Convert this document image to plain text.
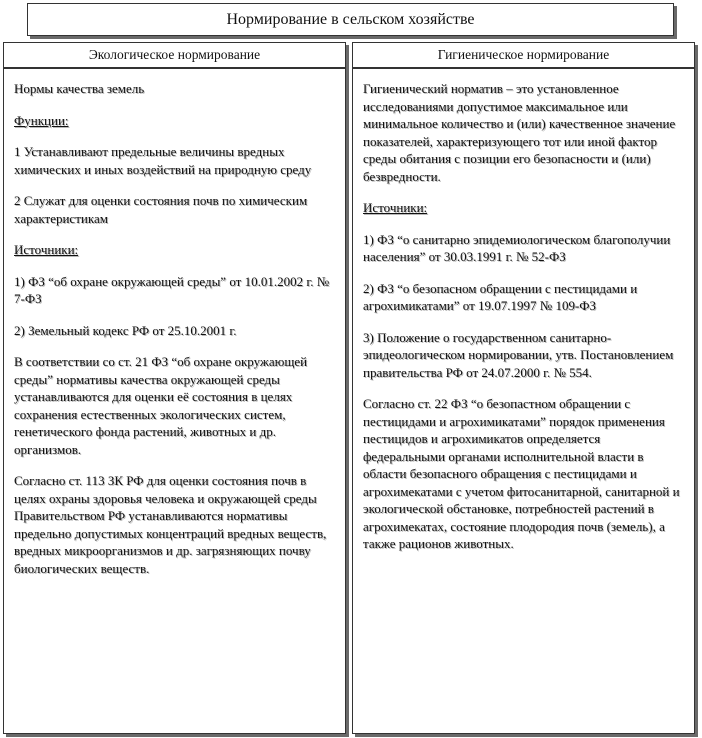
Нормирование в сельском хозяйстве
Экологическое нормирование	Гигиеническое нормирование

Нормы качества земель

Функции:

1 Устанавливают предельные величины вредных химических и иных воздействий на природную среду

2 Служат для оценки состояния почв по химическим характеристикам

Источники:

1) ФЗ “об охране окружающей среды” от 10.01.2002 г. № 7-ФЗ

2) Земельный кодекс РФ от 25.10.2001 г.

В соответствии со ст. 21 ФЗ “об охране окружающей среды” нормативы качества окружающей среды устанавливаются для оценки её состояния в целях сохранения естественных экологических систем, генетического фонда растений, животных и др. организмов.

Согласно ст. 113 ЗК РФ для оценки состояния почв в целях охраны здоровья человека и окружающей среды Правительством РФ устанавливаются нормативы предельно допустимых концентраций вредных веществ, вредных микроорганизмов и др. загрязняющих почву биологических веществ.

Гигиенический норматив – это установленное исследованиями допустимое максимальное или минимальное количество и (или) качественное значение показателей, характеризующего тот или иной фактор среды обитания с позиции его безопасности и (или) безвредности.

Источники:

1) ФЗ “о санитарно эпидемиологическом благополучии населения” от 30.03.1991 г. № 52-ФЗ

2) ФЗ “о безопасном обращении с пестицидами и агрохимикатами” от 19.07.1997 № 109-ФЗ

3) Положение о государственном санитарно-эпидеологическом нормировании, утв. Постановлением правительства РФ от 24.07.2000 г. № 554.

Согласно ст. 22 ФЗ “о безопастном обращении с пестицидами и агрохимикатами” порядок применения пестицидов и агрохимикатов определяется федеральными органами исполнительной власти в области безопасного обращения с пестицидами и агрохимекатами с учетом фитосанитарной, санитарной и экологической обстановке, потребностей растений в агрохимекатах, состояние плодородия почв (земель), а также рационов животных.
